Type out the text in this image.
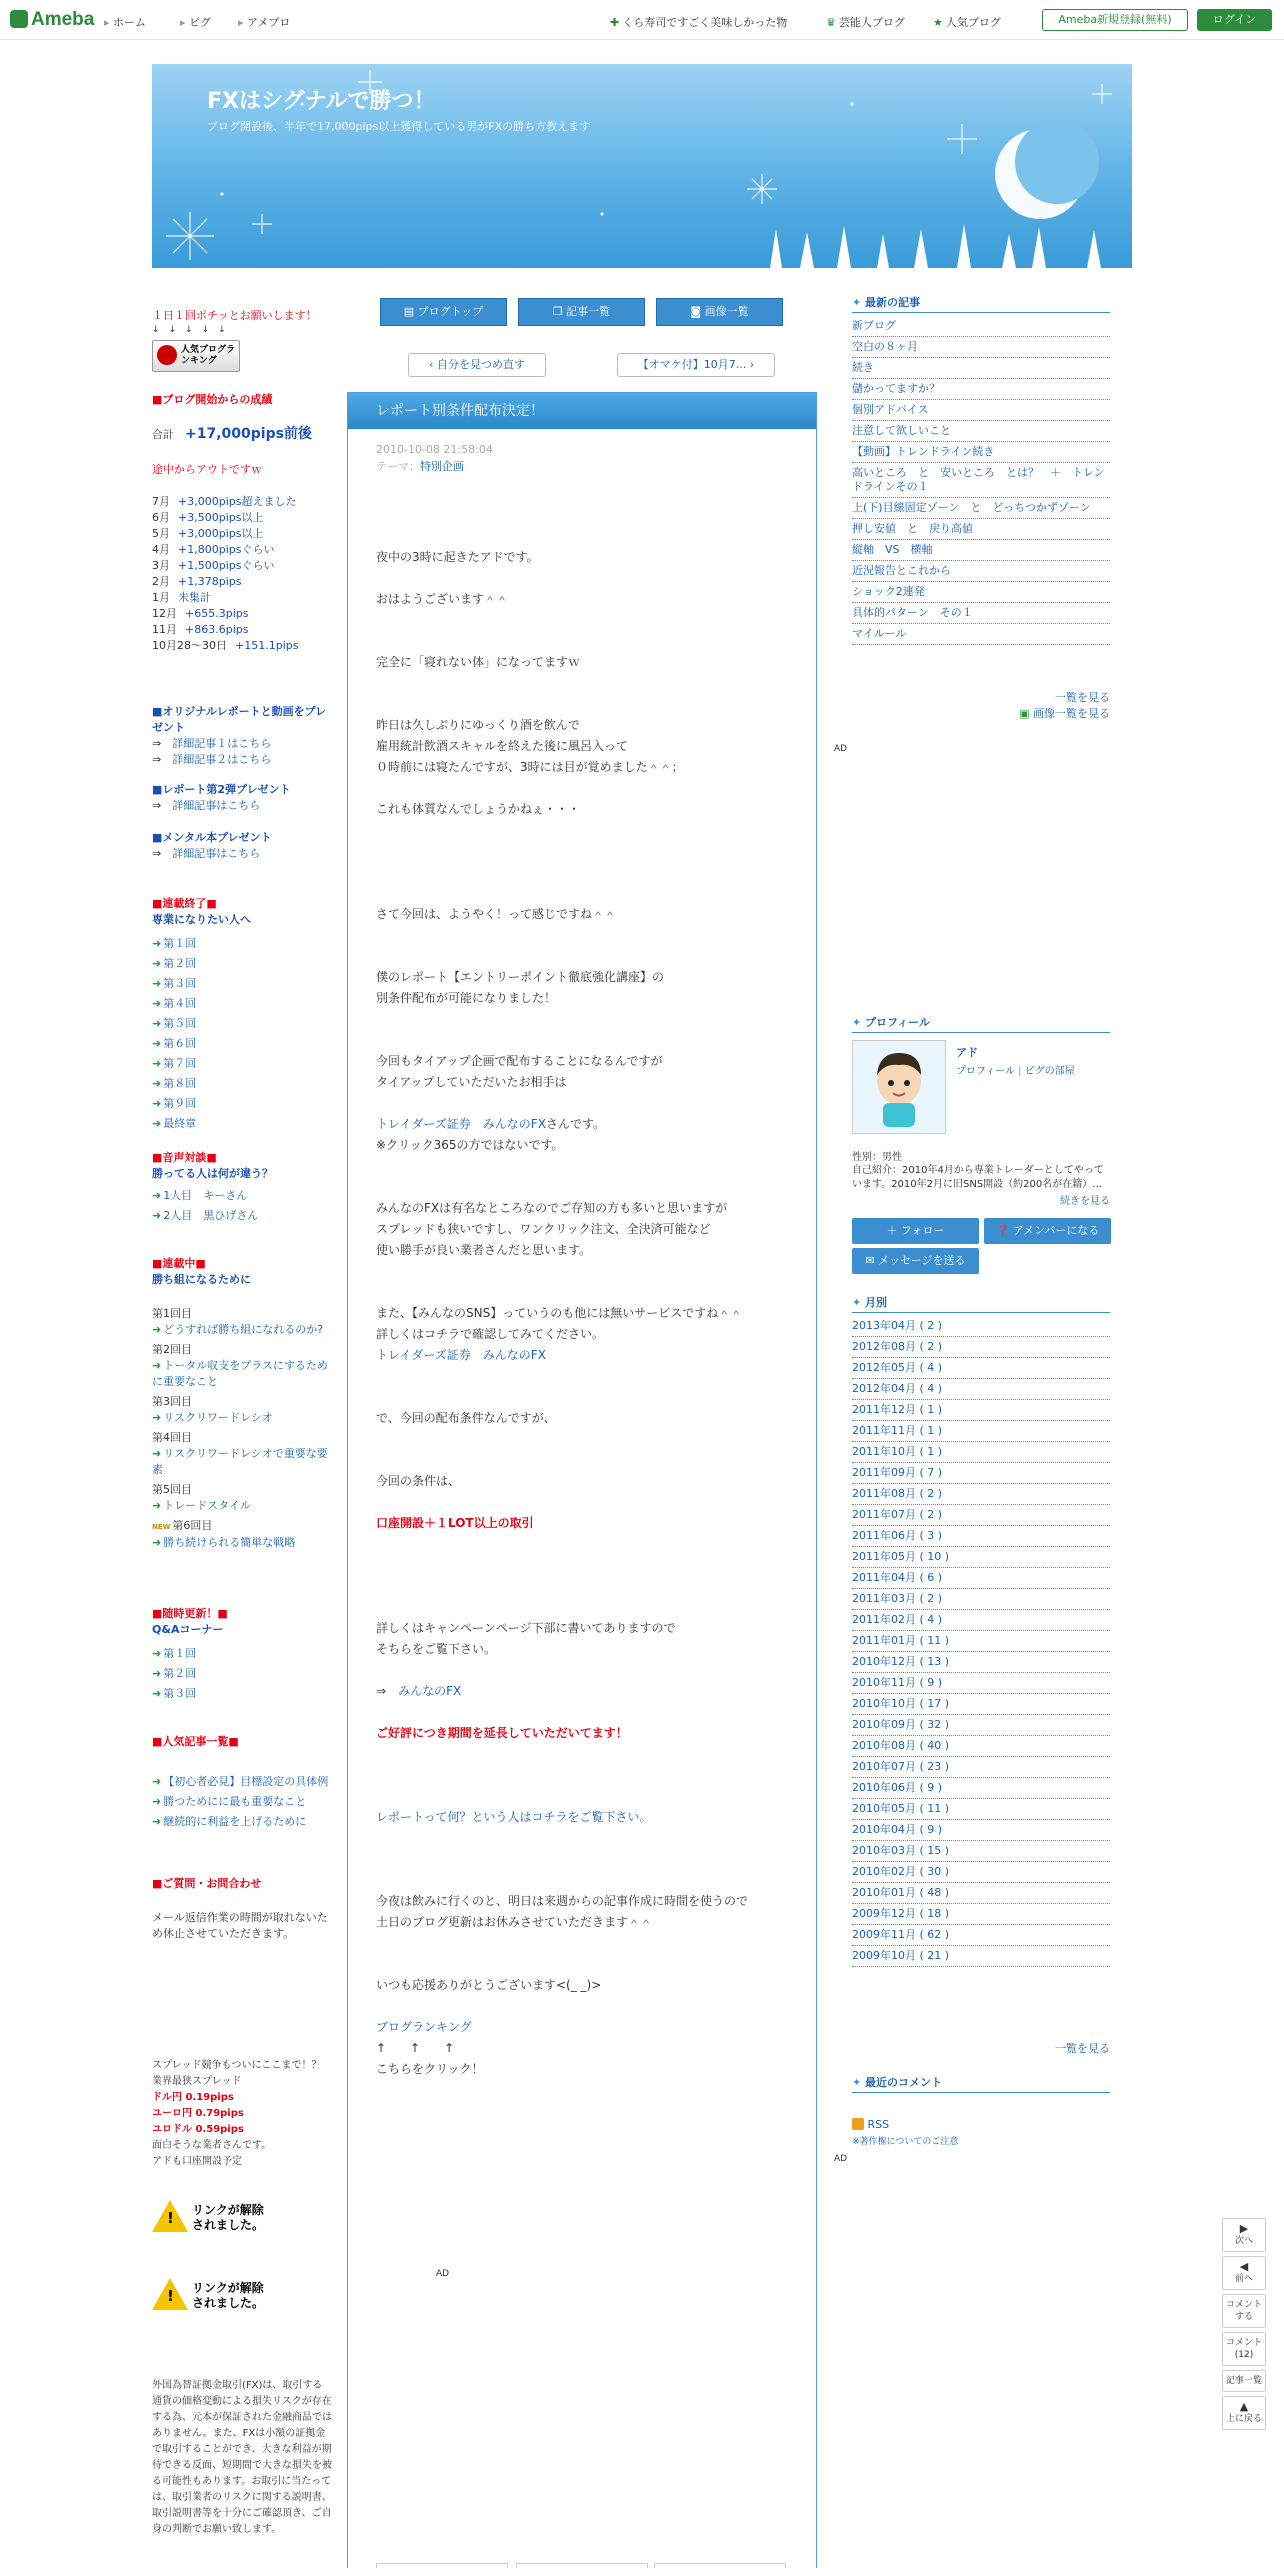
Ameba	▸ ホーム	▸ ピグ	▸ アメブロ	✚ くら寿司ですごく美味しかった物	♛ 芸能人ブログ	★ 人気ブログ	Ameba新規登録(無料)	ログイン
FXはシグナルで勝つ！
ブログ開設後、半年で17,000pips以上獲得している男がFXの勝ち方教えます
１日１回ポチッとお願いします！
↓　↓　↓　↓　↓
人気ブログランキング
■ブログ開始からの成績
合計　 +17,000pips前後
途中からアウトですｗ
7月 +3,000pips超えました
6月 +3,500pips以上
5月 +3,000pips以上
4月 +1,800pipsぐらい
3月 +1,500pipsぐらい
2月 +1,378pips
1月 未集計
12月 +655.3pips
11月 +863.6pips
10月28～30日 +151.1pips
■オリジナルレポートと動画をプレゼント
⇒　詳細記事１はこちら
⇒　詳細記事２はこちら
■レポート第2弾プレゼント
⇒　詳細記事はこちら
■メンタル本プレゼント
⇒　詳細記事はこちら
■連載終了■
専業になりたい人へ
➜ 第１回
➜ 第２回
➜ 第３回
➜ 第４回
➜ 第５回
➜ 第６回
➜ 第７回
➜ 第８回
➜ 第９回
➜ 最終章
■音声対談■
勝ってる人は何が違う？
➜ 1人目　キーさん
➜ 2人目　黒ひげさん
■連載中■
勝ち組になるために
第1回目
➜ どうすれば勝ち組になれるのか?
第2回目
➜ トータル収支をプラスにするために重要なこと
第3回目
➜ リスクリワードレシオ
第4回目
➜ リスクリワードレシオで重要な要素
第5回目
➜ トレードスタイル
NEW 第6回目
➜ 勝ち続けられる簡単な戦略
■随時更新！■
Q&Aコーナー
➜ 第１回
➜ 第２回
➜ 第３回
■人気記事一覧■
➜ 【初心者必見】目標設定の具体例
➜ 勝つためにに最も重要なこと
➜ 継続的に利益を上げるために
■ご質問・お問合わせ
メール返信作業の時間が取れないため休止させていただきます。
スプレッド競争もついにここまで！？
業界最狭スプレッド
ドル円 0.19pips
ユーロ円 0.79pips
ユロドル 0.59pips
面白そうな業者さんです。
アドも口座開設予定
! リンクが解除
されました。
! リンクが解除
されました。
外国為替証拠金取引(FX)は、取引する通貨の価格変動による損失リスクが存在する為、元本が保証された金融商品ではありません。また、FXは小額の証拠金で取引することができ、大きな利益が期待できる反面、短期間で大きな損失を被る可能性もあります。お取引に当たっては、取引業者のリスクに関する説明書、取引説明書等を十分にご確認頂き、ご自身の判断でお願い致します。
▤ ブログトップ	❐ 記事一覧	◙ 画像一覧
‹ 自分を見つめ直す	【オマケ付】10月7... ›
レポート別条件配布決定！
2010-10-08 21:58:04
テーマ：特別企画

夜中の3時に起きたアドです。

おはようございます＾＾

完全に「寝れない体」になってますｗ

昨日は久しぶりにゆっくり酒を飲んで

雇用統計飲酒スキャルを終えた後に風呂入って

０時前には寝たんですが、3時には目が覚めました＾＾；

これも体質なんでしょうかねぇ・・・

さて今回は、ようやく！って感じですね＾＾

僕のレポート【エントリーポイント徹底強化講座】の

別条件配布が可能になりました！

今回もタイアップ企画で配布することになるんですが

タイアップしていただいたお相手は

トレイダーズ証券　みんなのFXさんです。

※クリック365の方ではないです。

みんなのFXは有名なところなのでご存知の方も多いと思いますが

スプレッドも狭いですし、ワンクリック注文、全決済可能など

使い勝手が良い業者さんだと思います。

また、【みんなのSNS】っていうのも他には無いサービスですね＾＾

詳しくはコチラで確認してみてください。

トレイダーズ証券　みんなのFX

で、今回の配布条件なんですが、

今回の条件は、

口座開設＋１LOT以上の取引

詳しくはキャンペーンページ下部に書いてありますので

そちらをご覧下さい。

⇒　みんなのFX

ご好評につき期間を延長していただいてます！

レポートって何？という人はコチラをご覧下さい。

今夜は飲みに行くのと、明日は来週からの記事作成に時間を使うので

土日のブログ更新はお休みさせていただきます＾＾

いつも応援ありがとうございます<(_ _)>

ブログランキング

↑　　↑　　↑

こちらをクリック！

AD
✦ 最新の記事
新ブログ
空白の８ヶ月
続き
儲かってますか？
個別アドバイス
注意して欲しいこと
【動画】トレンドライン続き
高いところ　と　安いところ　とは？　＋　トレンドラインその１
上(下)目線固定ゾーン　と　どっちつかずゾーン
押し安値　と　戻り高値
縦軸　VS　横軸
近況報告とこれから
ショック2連発
具体的パターン　その１
マイルール
一覧を見る
▣ 画像一覧を見る
AD
✦ プロフィール
アド
プロフィール | ピグの部屋
性別：男性
自己紹介：2010年4月から専業トレーダーとしてやっています。2010年2月に旧SNS開設（約200名が在籍）...
続きを見る
＋ フォロー	❓ アメンバーになる
✉ メッセージを送る
✦ 月別
2013年04月 ( 2 )
2012年08月 ( 2 )
2012年05月 ( 4 )
2012年04月 ( 4 )
2011年12月 ( 1 )
2011年11月 ( 1 )
2011年10月 ( 1 )
2011年09月 ( 7 )
2011年08月 ( 2 )
2011年07月 ( 2 )
2011年06月 ( 3 )
2011年05月 ( 10 )
2011年04月 ( 6 )
2011年03月 ( 2 )
2011年02月 ( 4 )
2011年01月 ( 11 )
2010年12月 ( 13 )
2010年11月 ( 9 )
2010年10月 ( 17 )
2010年09月 ( 32 )
2010年08月 ( 40 )
2010年07月 ( 23 )
2010年06月 ( 9 )
2010年05月 ( 11 )
2010年04月 ( 9 )
2010年03月 ( 15 )
2010年02月 ( 30 )
2010年01月 ( 48 )
2009年12月 ( 18 )
2009年11月 ( 62 )
2009年10月 ( 21 )
一覧を見る
✦ 最近のコメント
RSS
※著作権についてのご注意
AD
▶
次へ
◀
前へ
コメントする
コメント(12)
記事一覧
▲
上に戻る
